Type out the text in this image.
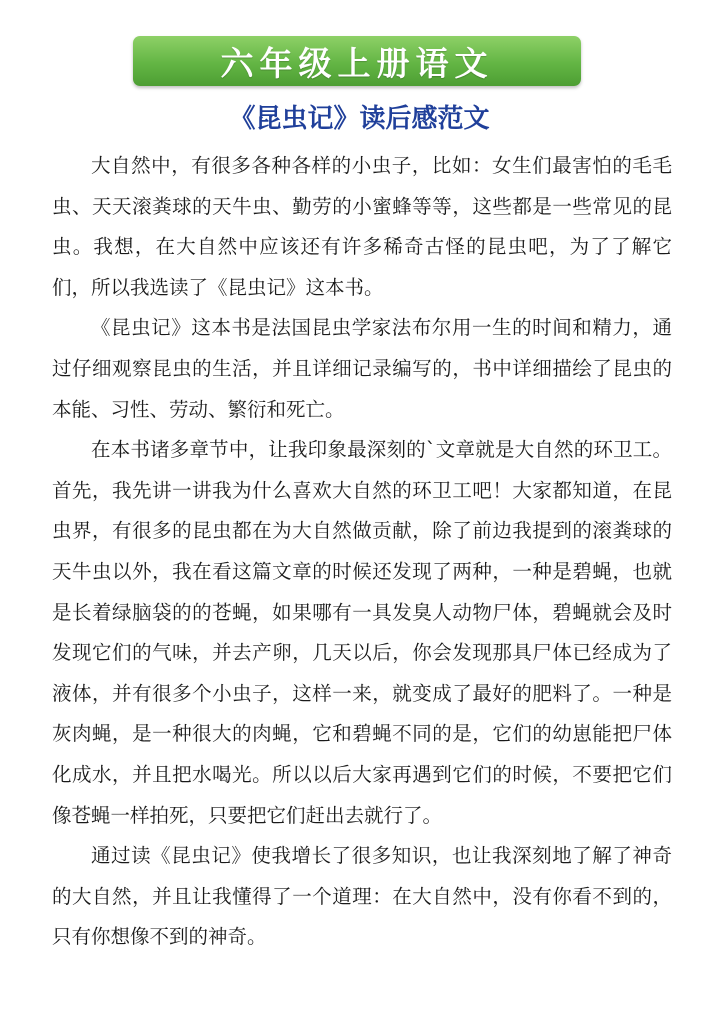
六年级上册语文
《昆虫记》读后感范文

大自然中，有很多各种各样的小虫子，比如：女生们最害怕的毛毛虫、天天滚粪球的天牛虫、勤劳的小蜜蜂等等，这些都是一些常见的昆虫。我想，在大自然中应该还有许多稀奇古怪的昆虫吧，为了了解它们，所以我选读了《昆虫记》这本书。

《昆虫记》这本书是法国昆虫学家法布尔用一生的时间和精力，通过仔细观察昆虫的生活，并且详细记录编写的，书中详细描绘了昆虫的本能、习性、劳动、繁衍和死亡。

在本书诸多章节中，让我印象最深刻的`文章就是大自然的环卫工。首先，我先讲一讲我为什么喜欢大自然的环卫工吧！大家都知道，在昆虫界，有很多的昆虫都在为大自然做贡献，除了前边我提到的滚粪球的天牛虫以外，我在看这篇文章的时候还发现了两种，一种是碧蝇，也就是长着绿脑袋的的苍蝇，如果哪有一具发臭人动物尸体，碧蝇就会及时发现它们的气味，并去产卵，几天以后，你会发现那具尸体已经成为了液体，并有很多个小虫子，这样一来，就变成了最好的肥料了。一种是灰肉蝇，是一种很大的肉蝇，它和碧蝇不同的是，它们的幼崽能把尸体化成水，并且把水喝光。所以以后大家再遇到它们的时候，不要把它们像苍蝇一样拍死，只要把它们赶出去就行了。

通过读《昆虫记》使我增长了很多知识，也让我深刻地了解了神奇的大自然，并且让我懂得了一个道理：在大自然中，没有你看不到的，只有你想像不到的神奇。
